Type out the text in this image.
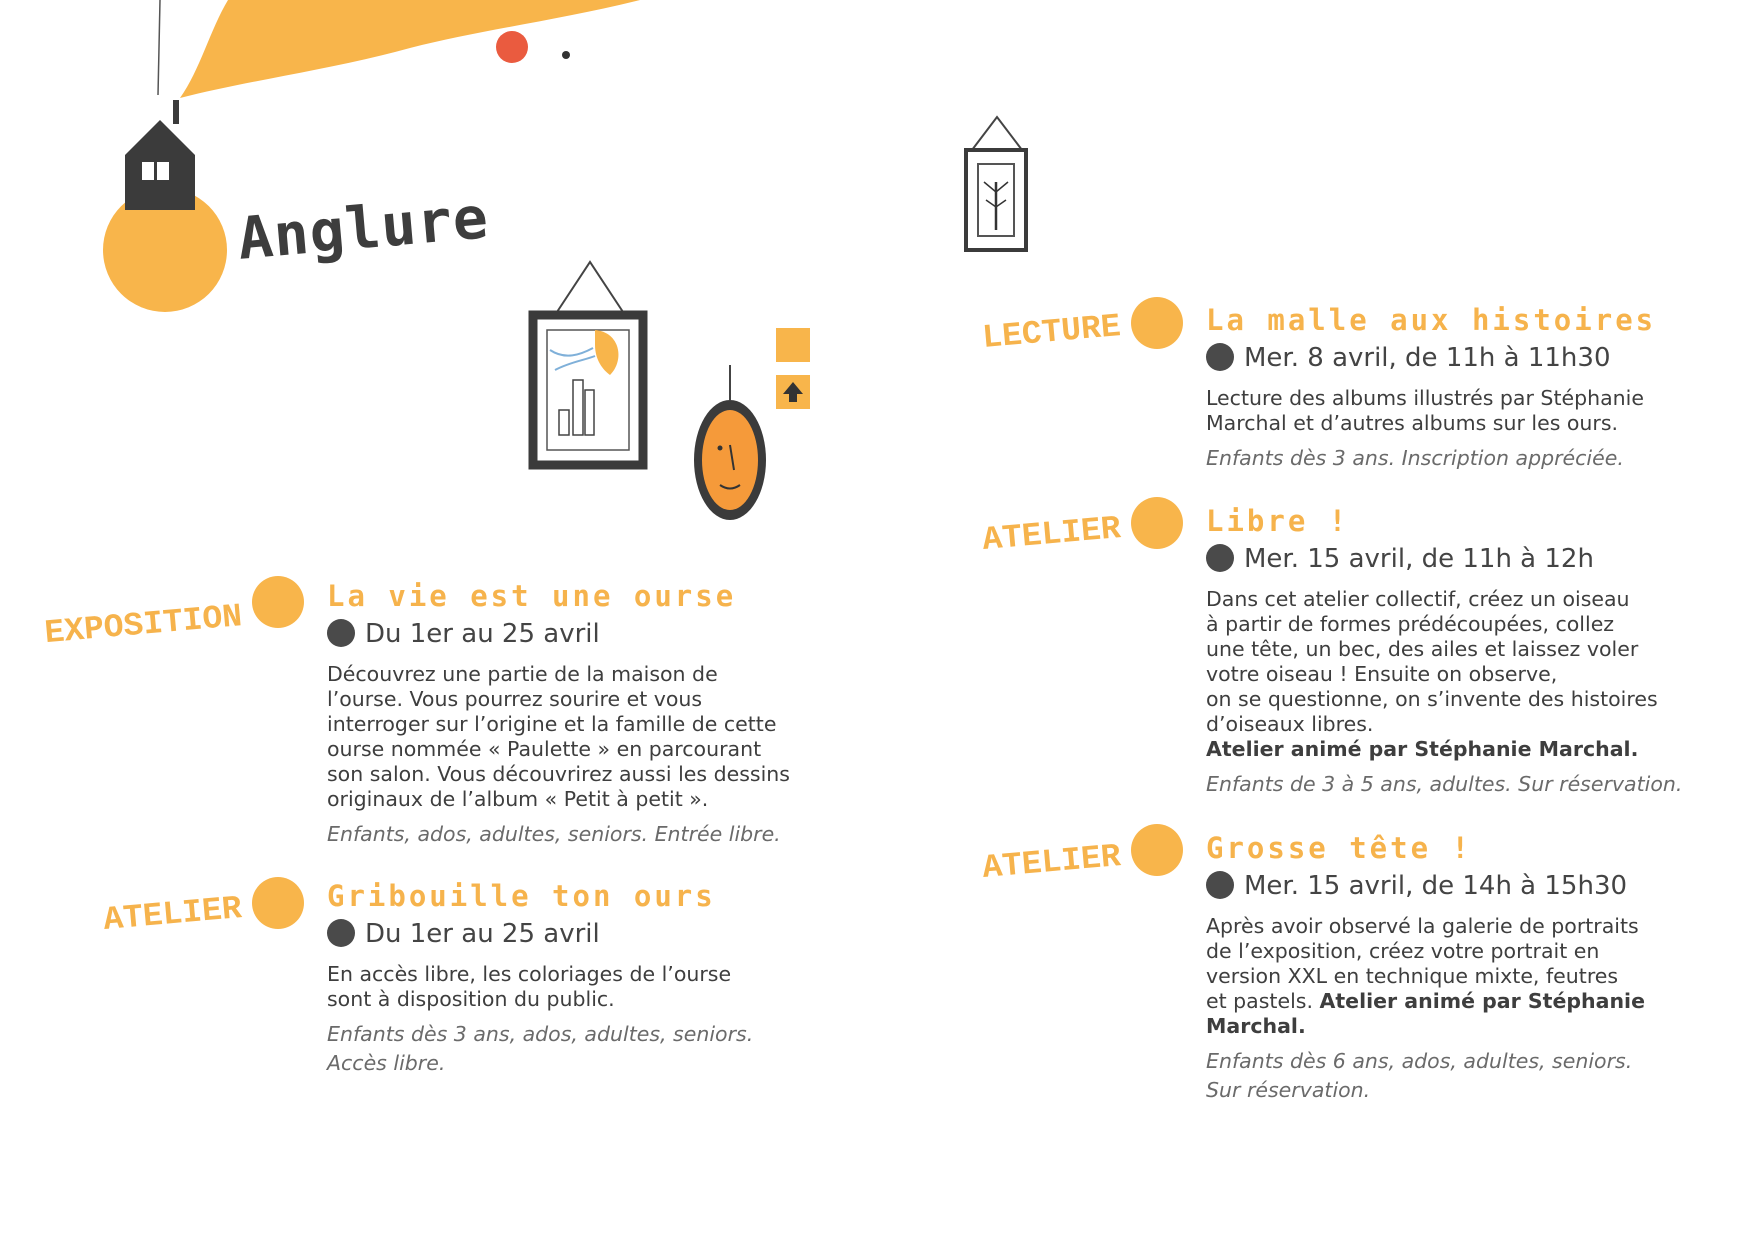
Anglure
EXPOSITION
La vie est une ourse
Du 1er au 25 avril
Découvrez une partie de la maison de
l’ourse. Vous pourrez sourire et vous
interroger sur l’origine et la famille de cette
ourse nommée « Paulette » en parcourant
son salon. Vous découvrirez aussi les dessins
originaux de l’album « Petit à petit ».
Enfants, ados, adultes, seniors. Entrée libre.
ATELIER	Gribouille ton ours
Du 1er au 25 avril
En accès libre, les coloriages de l’ourse
sont à disposition du public.
Enfants dès 3 ans, ados, adultes, seniors.
Accès libre.
LECTURE	La malle aux histoires
Mer. 8 avril, de 11h à 11h30
Lecture des albums illustrés par Stéphanie
Marchal et d’autres albums sur les ours.
Enfants dès 3 ans. Inscription appréciée.
ATELIER	Libre !
Mer. 15 avril, de 11h à 12h
Dans cet atelier collectif, créez un oiseau
à partir de formes prédécoupées, collez
une tête, un bec, des ailes et laissez voler
votre oiseau ! Ensuite on observe,
on se questionne, on s’invente des histoires
d’oiseaux libres.
Atelier animé par Stéphanie Marchal.
Enfants de 3 à 5 ans, adultes. Sur réservation.
ATELIER	Grosse tête !
Mer. 15 avril, de 14h à 15h30
Après avoir observé la galerie de portraits
de l’exposition, créez votre portrait en
version XXL en technique mixte, feutres
et pastels. Atelier animé par Stéphanie
Marchal.
Enfants dès 6 ans, ados, adultes, seniors.
Sur réservation.
